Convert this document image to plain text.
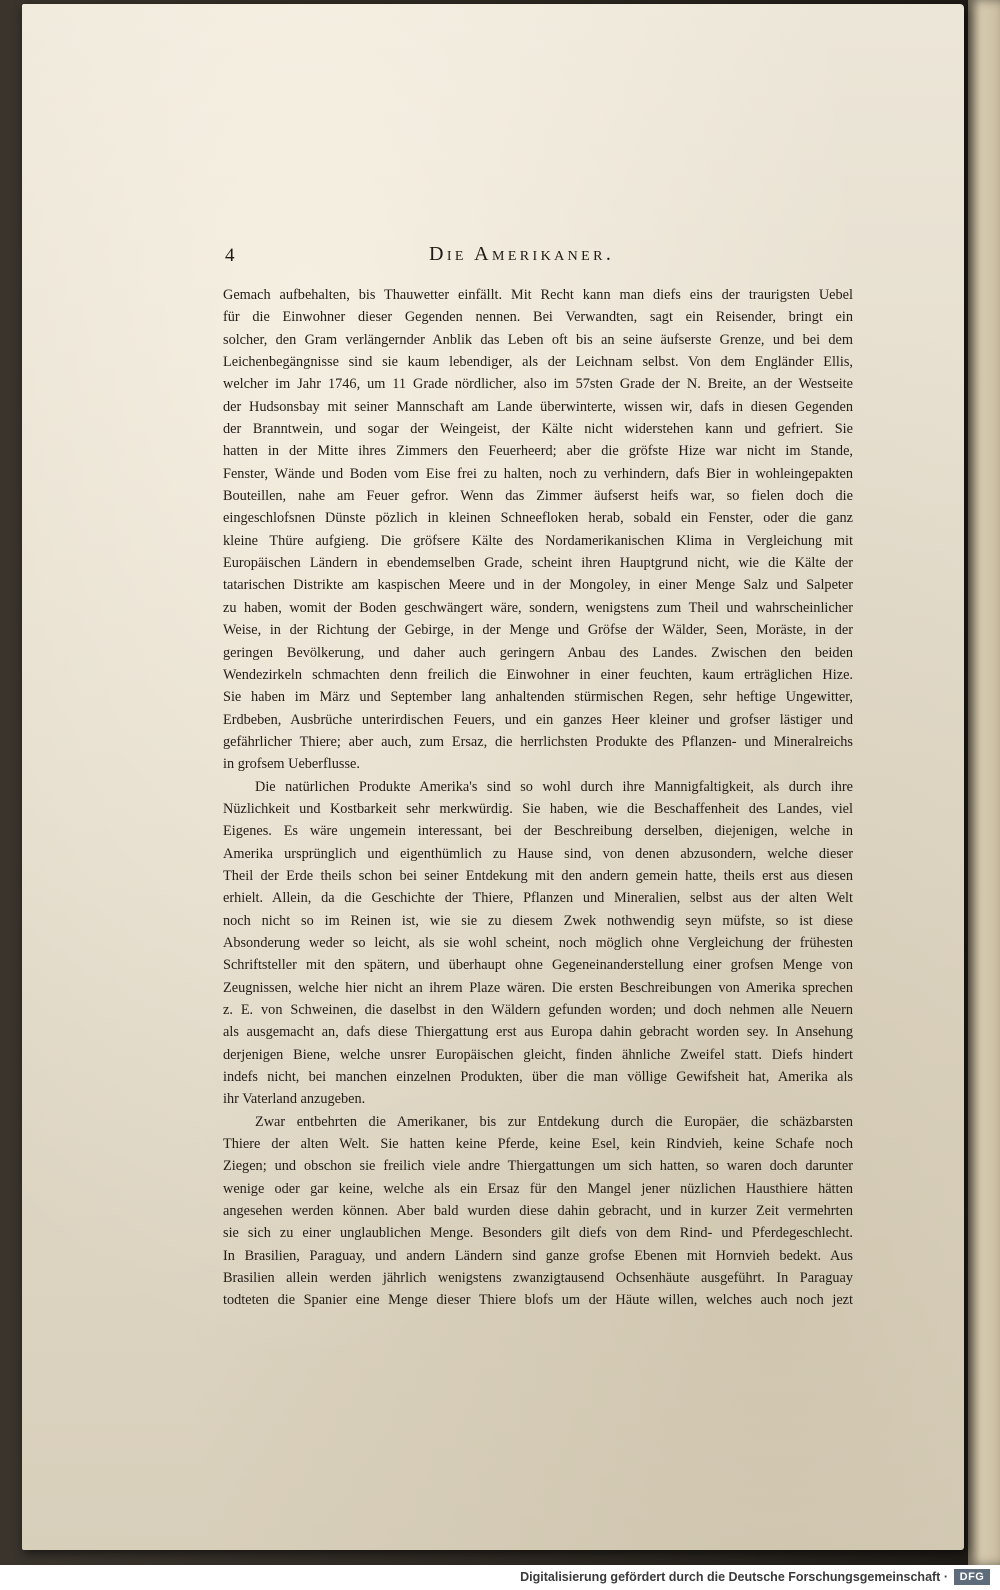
4	Die Amerikaner.
Gemach aufbehalten, bis Thauwetter einfällt. Mit Recht kann man diefs eins der traurigsten Uebel
für die Einwohner dieser Gegenden nennen. Bei Verwandten, sagt ein Reisender, bringt ein
solcher, den Gram verlängernder Anblik das Leben oft bis an seine äufserste Grenze, und bei dem
Leichenbegängnisse sind sie kaum lebendiger, als der Leichnam selbst. Von dem Engländer Ellis,
welcher im Jahr 1746, um 11 Grade nördlicher, also im 57sten Grade der N. Breite, an der Westseite
der Hudsonsbay mit seiner Mannschaft am Lande überwinterte, wissen wir, dafs in diesen Gegenden
der Branntwein, und sogar der Weingeist, der Kälte nicht widerstehen kann und gefriert. Sie
hatten in der Mitte ihres Zimmers den Feuerheerd; aber die gröfste Hize war nicht im Stande,
Fenster, Wände und Boden vom Eise frei zu halten, noch zu verhindern, dafs Bier in wohleingepakten
Bouteillen, nahe am Feuer gefror. Wenn das Zimmer äufserst heifs war, so fielen doch die
eingeschlofsnen Dünste pözlich in kleinen Schneefloken herab, sobald ein Fenster, oder die ganz
kleine Thüre aufgieng. Die gröfsere Kälte des Nordamerikanischen Klima in Vergleichung mit
Europäischen Ländern in ebendemselben Grade, scheint ihren Hauptgrund nicht, wie die Kälte der
tatarischen Distrikte am kaspischen Meere und in der Mongoley, in einer Menge Salz und Salpeter
zu haben, womit der Boden geschwängert wäre, sondern, wenigstens zum Theil und wahrscheinlicher
Weise, in der Richtung der Gebirge, in der Menge und Gröfse der Wälder, Seen, Moräste, in der
geringen Bevölkerung, und daher auch geringern Anbau des Landes. Zwischen den beiden
Wendezirkeln schmachten denn freilich die Einwohner in einer feuchten, kaum erträglichen Hize.
Sie haben im März und September lang anhaltenden stürmischen Regen, sehr heftige Ungewitter,
Erdbeben, Ausbrüche unterirdischen Feuers, und ein ganzes Heer kleiner und grofser lästiger und
gefährlicher Thiere; aber auch, zum Ersaz, die herrlichsten Produkte des Pflanzen- und Mineralreichs
in grofsem Ueberflusse.
Die natürlichen Produkte Amerika's sind so wohl durch ihre Mannigfaltigkeit, als durch ihre
Nüzlichkeit und Kostbarkeit sehr merkwürdig. Sie haben, wie die Beschaffenheit des Landes, viel
Eigenes. Es wäre ungemein interessant, bei der Beschreibung derselben, diejenigen, welche in
Amerika ursprünglich und eigenthümlich zu Hause sind, von denen abzusondern, welche dieser
Theil der Erde theils schon bei seiner Entdekung mit den andern gemein hatte, theils erst aus diesen
erhielt. Allein, da die Geschichte der Thiere, Pflanzen und Mineralien, selbst aus der alten Welt
noch nicht so im Reinen ist, wie sie zu diesem Zwek nothwendig seyn müfste, so ist diese
Absonderung weder so leicht, als sie wohl scheint, noch möglich ohne Vergleichung der frühesten
Schriftsteller mit den spätern, und überhaupt ohne Gegeneinanderstellung einer grofsen Menge von
Zeugnissen, welche hier nicht an ihrem Plaze wären. Die ersten Beschreibungen von Amerika sprechen
z. E. von Schweinen, die daselbst in den Wäldern gefunden worden; und doch nehmen alle Neuern
als ausgemacht an, dafs diese Thiergattung erst aus Europa dahin gebracht worden sey. In Ansehung
derjenigen Biene, welche unsrer Europäischen gleicht, finden ähnliche Zweifel statt. Diefs hindert
indefs nicht, bei manchen einzelnen Produkten, über die man völlige Gewifsheit hat, Amerika als
ihr Vaterland anzugeben.
Zwar entbehrten die Amerikaner, bis zur Entdekung durch die Europäer, die schäzbarsten
Thiere der alten Welt. Sie hatten keine Pferde, keine Esel, kein Rindvieh, keine Schafe noch
Ziegen; und obschon sie freilich viele andre Thiergattungen um sich hatten, so waren doch darunter
wenige oder gar keine, welche als ein Ersaz für den Mangel jener nüzlichen Hausthiere hätten
angesehen werden können. Aber bald wurden diese dahin gebracht, und in kurzer Zeit vermehrten
sie sich zu einer unglaublichen Menge. Besonders gilt diefs von dem Rind- und Pferdegeschlecht.
In Brasilien, Paraguay, und andern Ländern sind ganze grofse Ebenen mit Hornvieh bedekt. Aus
Brasilien allein werden jährlich wenigstens zwanzigtausend Ochsenhäute ausgeführt. In Paraguay
todteten die Spanier eine Menge dieser Thiere blofs um der Häute willen, welches auch noch jezt
Digitalisierung gefördert durch die Deutsche Forschungsgemeinschaft ·	DFG
